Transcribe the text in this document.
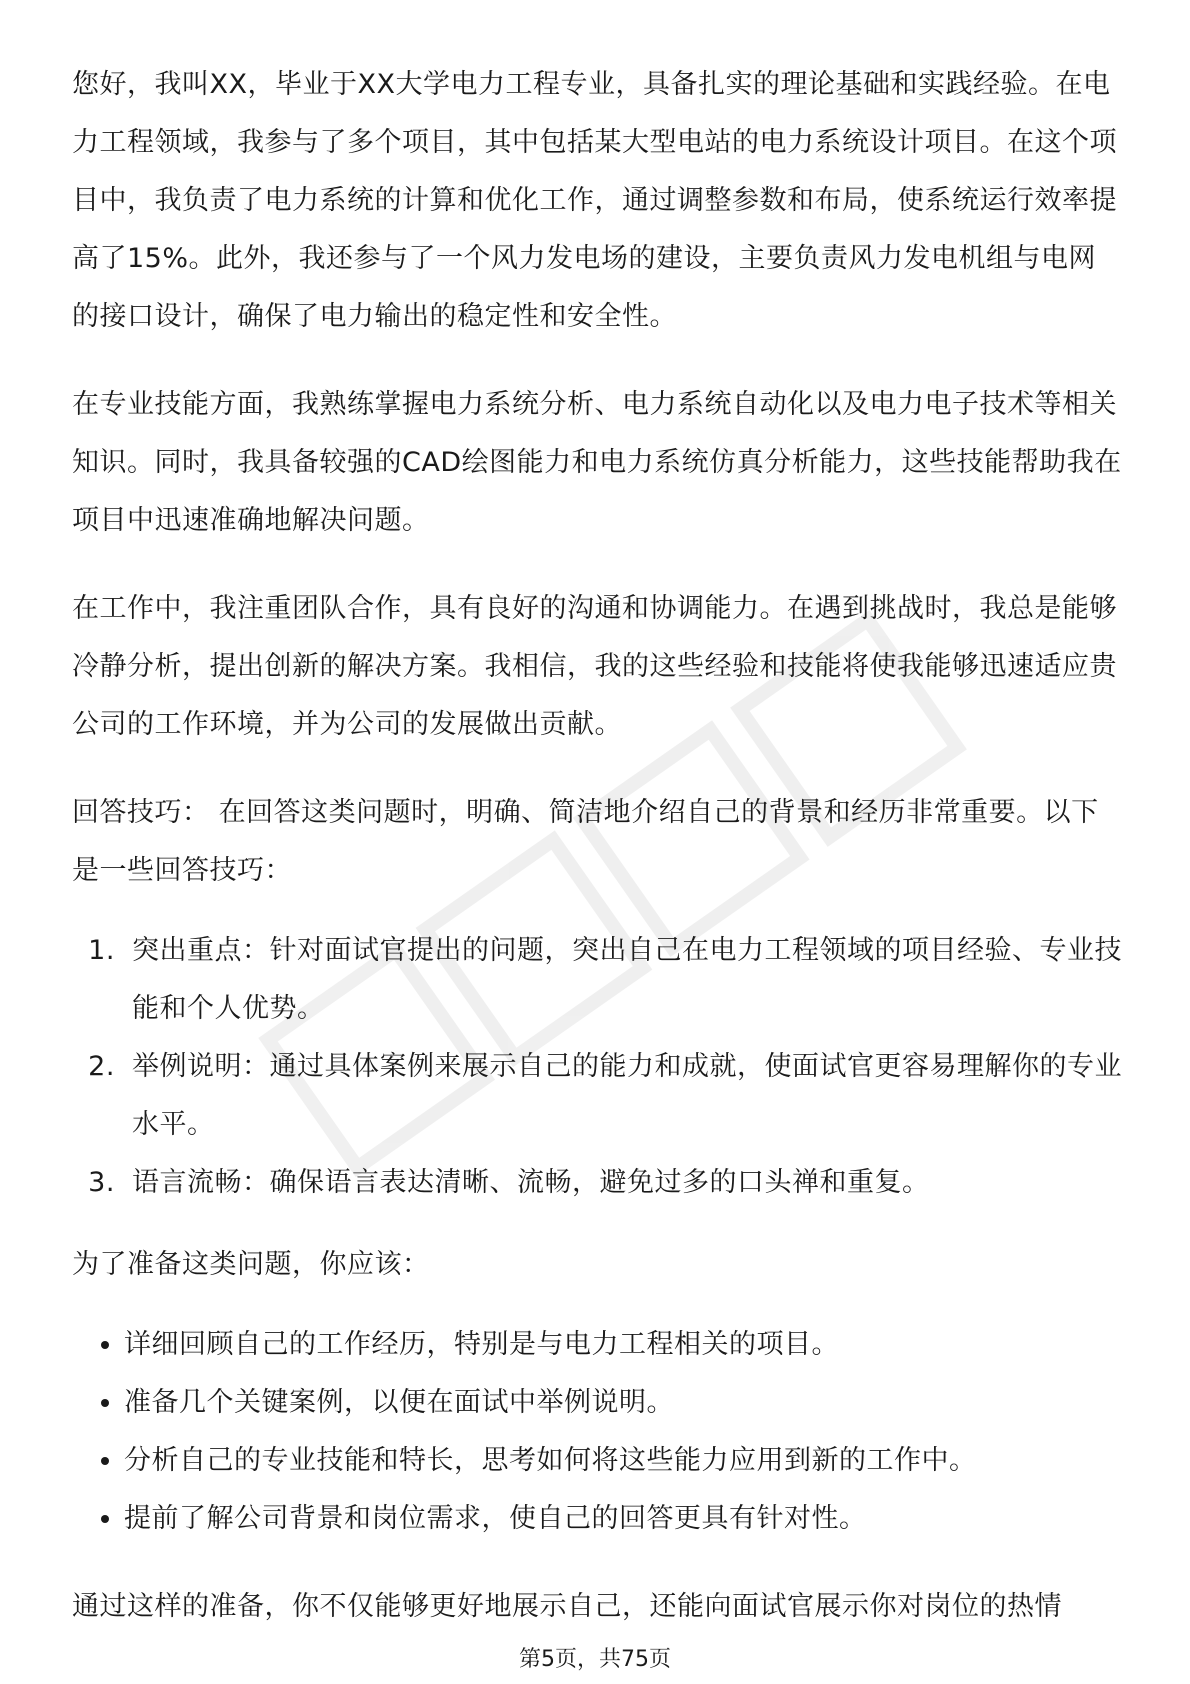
您好，我叫XX，毕业于XX大学电力工程专业，具备扎实的理论基础和实践经验。在电力工程领域，我参与了多个项目，其中包括某大型电站的电力系统设计项目。在这个项目中，我负责了电力系统的计算和优化工作，通过调整参数和布局，使系统运行效率提高了15%。此外，我还参与了一个风力发电场的建设，主要负责风力发电机组与电网的接口设计，确保了电力输出的稳定性和安全性。

在专业技能方面，我熟练掌握电力系统分析、电力系统自动化以及电力电子技术等相关知识。同时，我具备较强的CAD绘图能力和电力系统仿真分析能力，这些技能帮助我在项目中迅速准确地解决问题。

在工作中，我注重团队合作，具有良好的沟通和协调能力。在遇到挑战时，我总是能够冷静分析，提出创新的解决方案。我相信，我的这些经验和技能将使我能够迅速适应贵公司的工作环境，并为公司的发展做出贡献。

回答技巧： 在回答这类问题时，明确、简洁地介绍自己的背景和经历非常重要。以下是一些回答技巧：

1. 突出重点：针对面试官提出的问题，突出自己在电力工程领域的项目经验、专业技能和个人优势。
2. 举例说明：通过具体案例来展示自己的能力和成就，使面试官更容易理解你的专业水平。
3. 语言流畅：确保语言表达清晰、流畅，避免过多的口头禅和重复。

为了准备这类问题，你应该：

• 详细回顾自己的工作经历，特别是与电力工程相关的项目。
• 准备几个关键案例，以便在面试中举例说明。
• 分析自己的专业技能和特长，思考如何将这些能力应用到新的工作中。
• 提前了解公司背景和岗位需求，使自己的回答更具有针对性。

通过这样的准备，你不仅能够更好地展示自己，还能向面试官展示你对岗位的热情

第5页，共75页
